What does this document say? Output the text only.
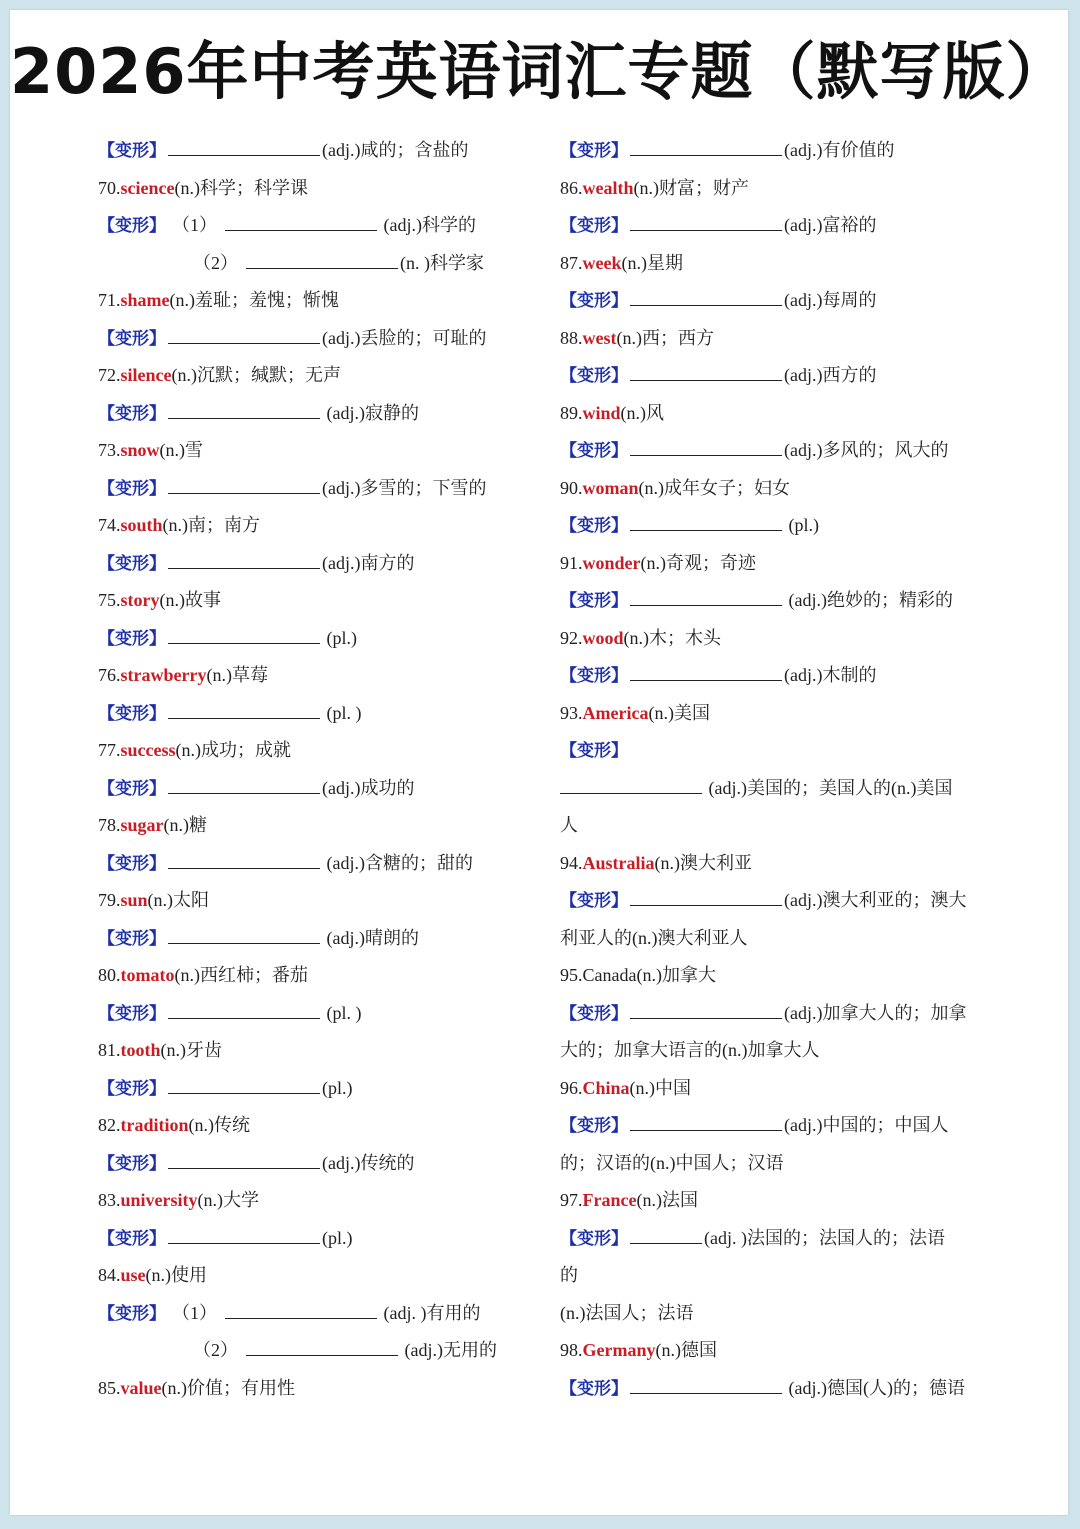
2026年中考英语词汇专题（默写版）
【变形】	(adj.)咸的；含盐的
70.science(n.)科学；科学课
【变形】 （1）	(adj.)科学的
（2）	(n. )科学家
71.shame(n.)羞耻；羞愧；惭愧
【变形】	(adj.)丢脸的；可耻的
72.silence(n.)沉默；缄默；无声
【变形】	(adj.)寂静的
73.snow(n.)雪
【变形】	(adj.)多雪的；下雪的
74.south(n.)南；南方
【变形】	(adj.)南方的
75.story(n.)故事
【变形】	(pl.)
76.strawberry(n.)草莓
【变形】	(pl. )
77.success(n.)成功；成就
【变形】	(adj.)成功的
78.sugar(n.)糖
【变形】	(adj.)含糖的；甜的
79.sun(n.)太阳
【变形】	(adj.)晴朗的
80.tomato(n.)西红柿；番茄
【变形】	(pl. )
81.tooth(n.)牙齿
【变形】	(pl.)
82.tradition(n.)传统
【变形】	(adj.)传统的
83.university(n.)大学
【变形】	(pl.)
84.use(n.)使用
【变形】 （1）	(adj. )有用的
（2）	(adj.)无用的
85.value(n.)价值；有用性
【变形】	(adj.)有价值的
86.wealth(n.)财富；财产
【变形】	(adj.)富裕的
87.week(n.)星期
【变形】	(adj.)每周的
88.west(n.)西；西方
【变形】	(adj.)西方的
89.wind(n.)风
【变形】	(adj.)多风的；风大的
90.woman(n.)成年女子；妇女
【变形】	(pl.)
91.wonder(n.)奇观；奇迹
【变形】	(adj.)绝妙的；精彩的
92.wood(n.)木；木头
【变形】	(adj.)木制的
93.America(n.)美国
【变形】
(adj.)美国的；美国人的(n.)美国
人
94.Australia(n.)澳大利亚
【变形】	(adj.)澳大利亚的；澳大
利亚人的(n.)澳大利亚人
95.Canada(n.)加拿大
【变形】	(adj.)加拿大人的；加拿
大的；加拿大语言的(n.)加拿大人
96.China(n.)中国
【变形】	(adj.)中国的；中国人
的；汉语的(n.)中国人；汉语
97.France(n.)法国
【变形】	(adj. )法国的；法国人的；法语
的
(n.)法国人；法语
98.Germany(n.)德国
【变形】	(adj.)德国(人)的；德语
